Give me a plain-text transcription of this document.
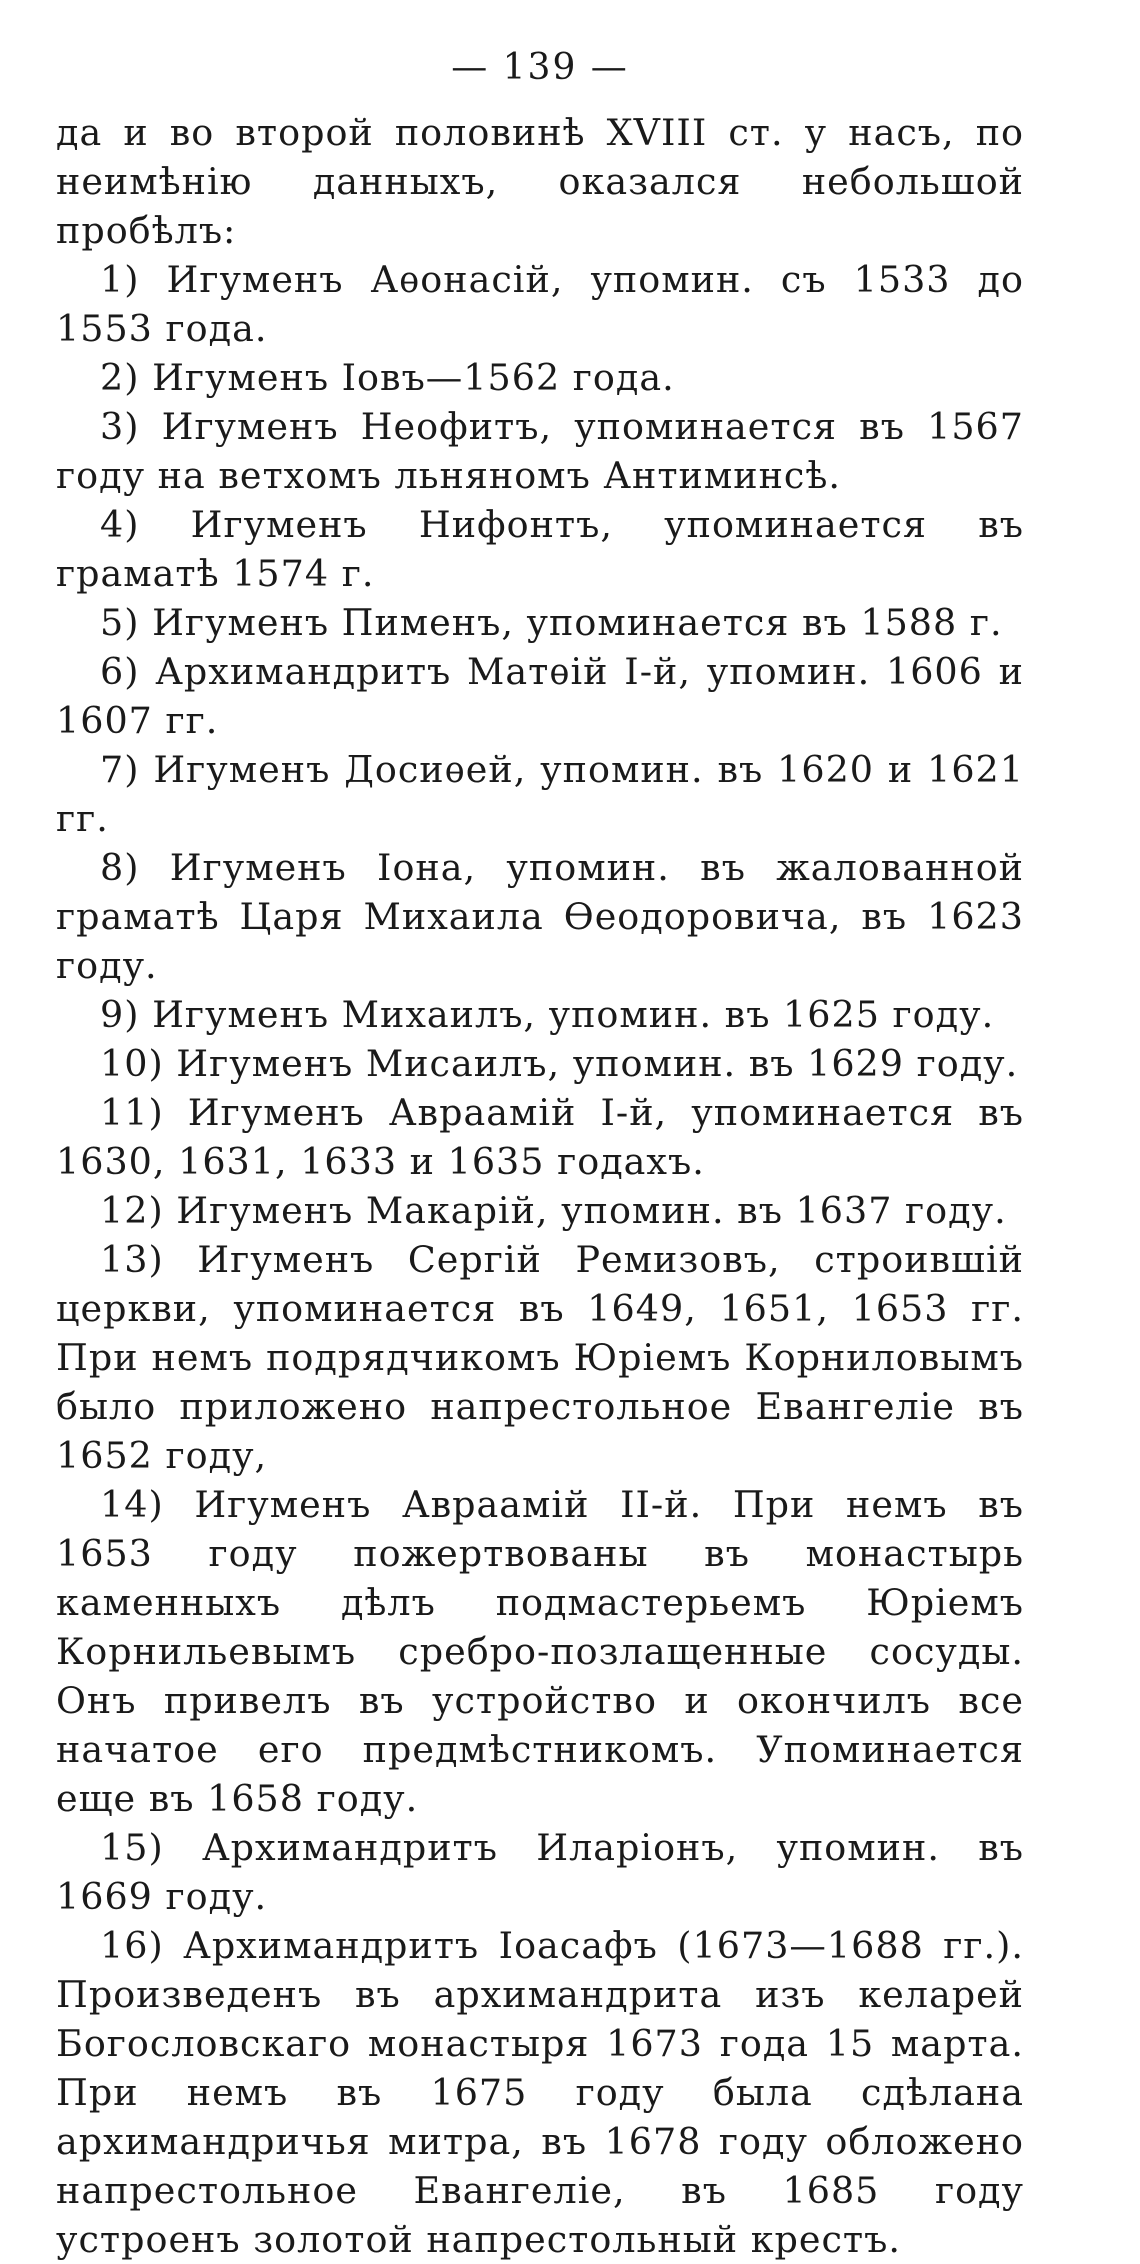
— 139 —

да и во второй половинѣ XVIII ст. у насъ, по неимѣнію данныхъ, оказался небольшой пробѣлъ:

1) Игуменъ Аѳонасій, упомин. съ 1533 до 1553 года.

2) Игуменъ Іовъ—1562 года.

3) Игуменъ Неофитъ, упоминается въ 1567 году на ветхомъ льняномъ Антиминсѣ.

4) Игуменъ Нифонтъ, упоминается въ граматѣ 1574 г.

5) Игуменъ Пименъ, упоминается въ 1588 г.

6) Архимандритъ Матѳій I-й, упомин. 1606 и 1607 гг.

7) Игуменъ Досиѳей, упомин. въ 1620 и 1621 гг.

8) Игуменъ Іона, упомин. въ жалованной граматѣ Царя Михаила Ѳеодоровича, въ 1623 году.

9) Игуменъ Михаилъ, упомин. въ 1625 году.

10) Игуменъ Мисаилъ, упомин. въ 1629 году.

11) Игуменъ Авраамій I-й, упоминается въ 1630, 1631, 1633 и 1635 годахъ.

12) Игуменъ Макарій, упомин. въ 1637 году.

13) Игуменъ Сергій Ремизовъ, строившій церкви, упоминается въ 1649, 1651, 1653 гг. При немъ подрядчикомъ Юріемъ Корниловымъ было приложено напрестольное Евангеліе въ 1652 году,

14) Игуменъ Авраамій II-й. При немъ въ 1653 году пожертвованы въ монастырь каменныхъ дѣлъ подмастерьемъ Юріемъ Корнильевымъ сребро-позлащенные сосуды. Онъ привелъ въ устройство и окончилъ все начатое его предмѣстникомъ. Упоминается еще въ 1658 году.

15) Архимандритъ Иларіонъ, упомин. въ 1669 году.

16) Архимандритъ Іоасафъ (1673—1688 гг.). Произведенъ въ архимандрита изъ келарей Богословскаго монастыря 1673 года 15 марта. При немъ въ 1675 году была сдѣлана архимандричья митра, въ 1678 году обложено напрестольное Евангеліе, въ 1685 году устроенъ золотой напрестольный крестъ.
